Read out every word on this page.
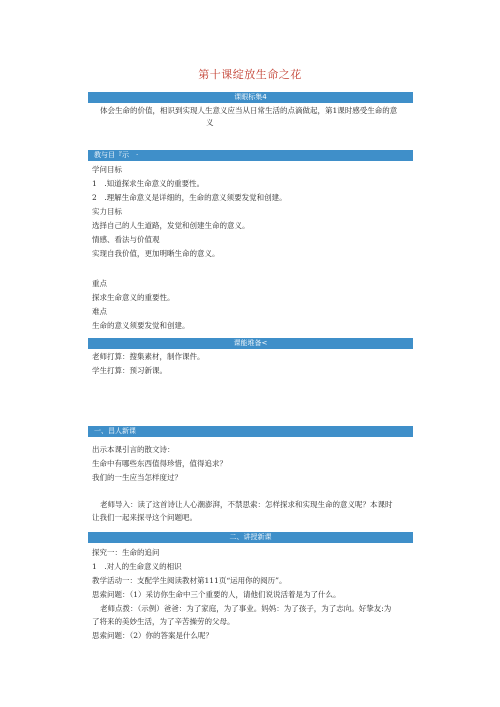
第十课绽放生命之花
课眼标集4
体会生命的价值，相识到实现人生意义应当从日常生活的点滴做起，第1课时感受生命的意
义
教与目『示　·
学问目标
1　.知道探求生命意义的重要性。
2　.理解生命意义是详细的，生命的意义须要发觉和创建。
实力目标
选择自己的人生道路，发觉和创建生命的意义。
情感、看法与价值观
实现自我价值，更加明晰生命的意义。
重点
探求生命意义的重要性。
难点
生命的意义须要发觉和创建。
课能堆备<
老师打算：搜集素材，制作课件。
学生打算：预习新课。
一、昌人新课
出示本课引言的散文诗：
生命中有哪些东西值得珍惜，值得追求？
我们的一生应当怎样度过？
老师导入：读了这首诗让人心潮澎湃，不禁思索：怎样探求和实现生命的意义呢？本课时
让我们一起来探寻这个问题吧。
二、讲授新课
探究一：生命的追问
1　.对人的生命意义的相识
教学活动一：支配学生阅读教材第111页“运用你的阅历”。
思索问题：（1）采访你生命中三个重要的人，请他们说说活着是为了什么。
老师点拨：（示例）爸爸：为了家庭，为了事业。妈妈：为了孩子，为了志向。好挚友:为
了将来的美妙生活，为了辛苦操劳的父母。
思索问题：（2）你的答案是什么呢？
